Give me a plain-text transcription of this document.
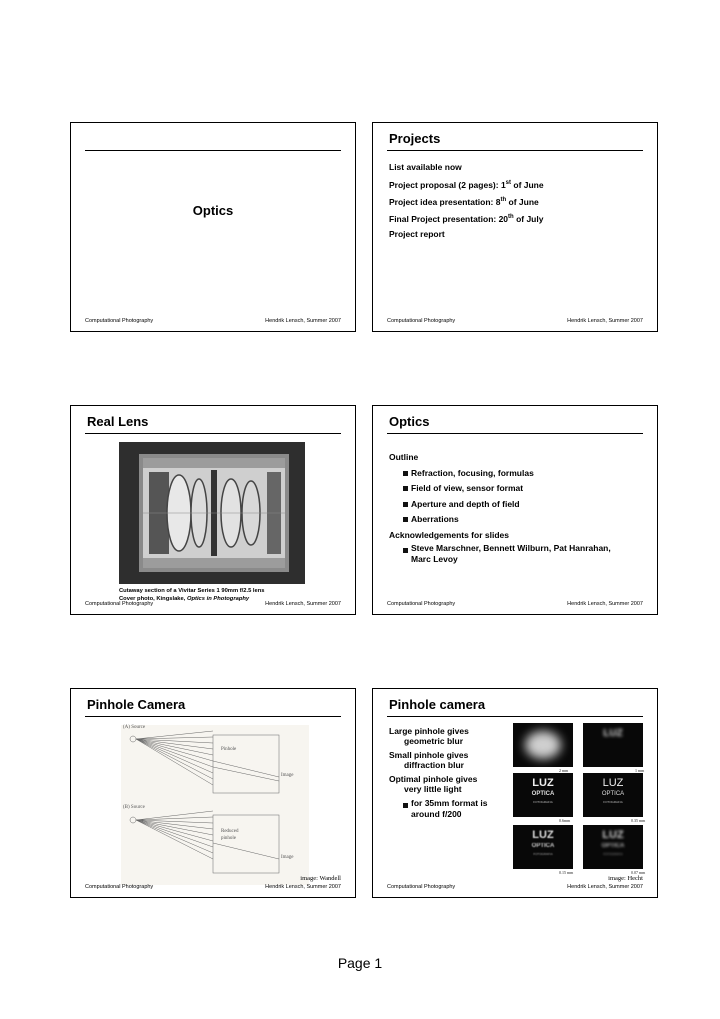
Optics
Computational Photography	Hendrik Lensch, Summer 2007
Projects
List available now
Project proposal (2 pages): 1st of June
Project idea presentation: 8th of June
Final Project presentation: 20th of July
Project report
Computational Photography	Hendrik Lensch, Summer 2007
Real Lens
Cutaway section of a Vivitar Series 1 90mm f/2.5 lens
Cover photo, Kingslake, Optics in Photography
Computational Photography	Hendrik Lensch, Summer 2007
Optics
Outline
Refraction, focusing, formulas
Field of view, sensor format
Aperture and depth of field
Aberrations
Acknowledgements for slides
Steve Marschner, Bennett Wilburn, Pat Hanrahan,
Marc Levoy
Computational Photography	Hendrik Lensch, Summer 2007
Pinhole Camera
(A) Source
Pinhole
Image
(B) Source
Reduced
pinhole
Image
image: Wandell
Computational Photography	Hendrik Lensch, Summer 2007
Pinhole camera
Large pinhole gives
geometric blur
Small pinhole gives
diffraction blur
Optimal pinhole gives
very little light
for 35mm format is
around f/200
LUZ
2 mm	1 mm
LUZ
OPTICA
FOTOGRAFIA
LUZ
OPTICA
FOTOGRAFIA
0.6mm	0.35 mm
LUZ
OPTICA
FOTOGRAFIA
LUZ
OPTICA
FOTOGRAFIA
0.15 mm	0.07 mm
image: Hecht
Computational Photography	Hendrik Lensch, Summer 2007
Page 1
